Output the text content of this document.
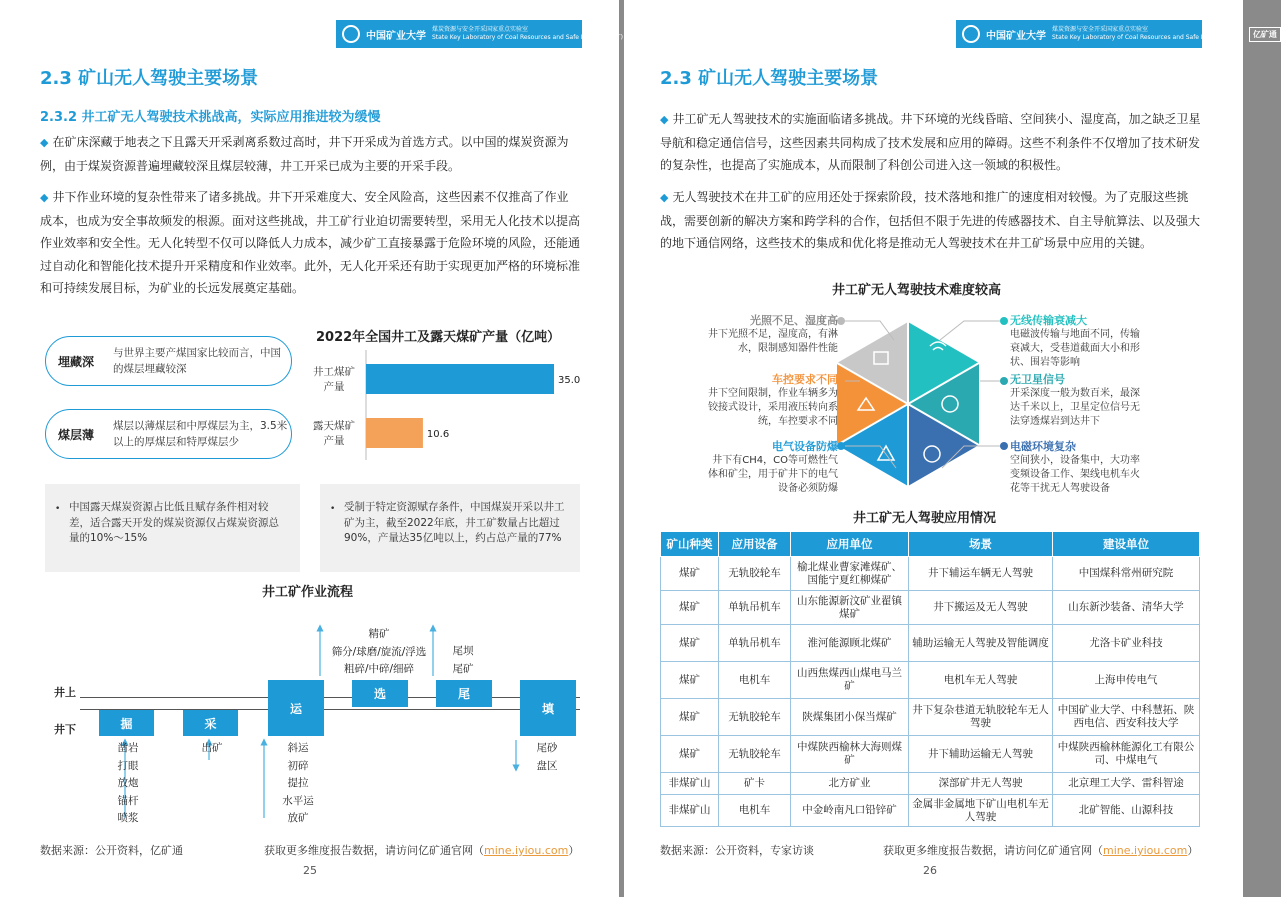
中国矿业大学
煤炭资源与安全开采国家重点实验室
State Key Laboratory of Coal Resources and Safe Mining(CUMT)
2.3 矿山无人驾驶主要场景
2.3.2 井工矿无人驾驶技术挑战高，实际应用推进较为缓慢
◆ 在矿床深藏于地表之下且露天开采剥离系数过高时，井下开采成为首选方式。以中国的煤炭资源为例，由于煤炭资源普遍埋藏较深且煤层较薄，井工开采已成为主要的开采手段。
◆ 井下作业环境的复杂性带来了诸多挑战。井下开采难度大、安全风险高，这些因素不仅推高了作业成本，也成为安全事故频发的根源。面对这些挑战，井工矿行业迫切需要转型，采用无人化技术以提高作业效率和安全性。无人化转型不仅可以降低人力成本，减少矿工直接暴露于危险环境的风险，还能通过自动化和智能化技术提升开采精度和作业效率。此外，无人化开采还有助于实现更加严格的环境标准和可持续发展目标，为矿业的长远发展奠定基础。
埋藏深
与世界主要产煤国家比较而言，中国的煤层埋藏较深
煤层薄
煤层以薄煤层和中厚煤层为主，3.5米以上的厚煤层和特厚煤层少
2022年全国井工及露天煤矿产量（亿吨）
35.0
井工煤矿
产量
10.6
露天煤矿
产量
• 中国露天煤炭资源占比低且赋存条件相对较差，适合露天开发的煤炭资源仅占煤炭资源总量的10%～15%
• 受制于特定资源赋存条件，中国煤炭开采以井工矿为主，截至2022年底，井工矿数量占比超过90%，产量达35亿吨以上，约占总产量的77%
井工矿作业流程
井上
井下	掘	采
运
选	尾
填
凿岩
打眼
放炮
锚杆
喷浆
出矿	斜运
初碎
提拉
水平运
放矿
精矿
筛分/球磨/旋流/浮选
粗碎/中碎/细碎
尾坝
尾矿
尾砂
盘区
数据来源：公开资料，亿矿通	获取更多维度报告数据，请访问亿矿通官网（mine.iyiou.com）
25
中国矿业大学
煤炭资源与安全开采国家重点实验室
State Key Laboratory of Coal Resources and Safe Mining(CUMT)	亿矿通
2.3 矿山无人驾驶主要场景
◆ 井工矿无人驾驶技术的实施面临诸多挑战。井下环境的光线昏暗、空间狭小、湿度高，加之缺乏卫星导航和稳定通信信号，这些因素共同构成了技术发展和应用的障碍。这些不利条件不仅增加了技术研发的复杂性，也提高了实施成本，从而限制了科创公司进入这一领域的积极性。
◆ 无人驾驶技术在井工矿的应用还处于探索阶段，技术落地和推广的速度相对较慢。为了克服这些挑战，需要创新的解决方案和跨学科的合作，包括但不限于先进的传感器技术、自主导航算法、以及强大的地下通信网络，这些技术的集成和优化将是推动无人驾驶技术在井工矿场景中应用的关键。
井工矿无人驾驶技术难度较高
光照不足、湿度高
井下光照不足，湿度高，有淋水，限制感知器件性能
车控要求不同
井下空间限制，作业车辆多为铰接式设计，采用液压转向系统，车控要求不同
电气设备防爆
井下有CH4，CO等可燃性气体和矿尘，用于矿井下的电气设备必须防爆
无线传输衰减大
电磁波传输与地面不同，传输衰减大，受巷道截面大小和形状、围岩等影响
无卫星信号
开采深度一般为数百米，最深达千米以上，卫星定位信号无法穿透煤岩到达井下
电磁环境复杂
空间狭小，设备集中，大功率变频设备工作、架线电机车火花等干扰无人驾驶设备
井工矿无人驾驶应用情况
数据来源：公开资料，专家访谈	获取更多维度报告数据，请访问亿矿通官网（mine.iyiou.com）
26
矿山种类	应用设备	应用单位	场景	建设单位
煤矿	无轨胶轮车	榆北煤业曹家滩煤矿、国能宁夏红柳煤矿	井下辅运车辆无人驾驶	中国煤科常州研究院
煤矿	单轨吊机车	山东能源新汶矿业翟镇煤矿	井下搬运及无人驾驶	山东新沙装备、清华大学
煤矿	单轨吊机车	淮河能源顾北煤矿	辅助运输无人驾驶及智能调度	尤洛卡矿业科技
煤矿	电机车	山西焦煤西山煤电马兰矿	电机车无人驾驶	上海申传电气
煤矿	无轨胶轮车	陕煤集团小保当煤矿	井下复杂巷道无轨胶轮车无人驾驶	中国矿业大学、中科慧拓、陕西电信、西安科技大学
煤矿	无轨胶轮车	中煤陕西榆林大海则煤矿	井下辅助运输无人驾驶	中煤陕西榆林能源化工有限公司、中煤电气
非煤矿山	矿卡	北方矿业	深部矿井无人驾驶	北京理工大学、雷科智途
非煤矿山	电机车	中金岭南凡口铅锌矿	金属非金属地下矿山电机车无人驾驶	北矿智能、山源科技
